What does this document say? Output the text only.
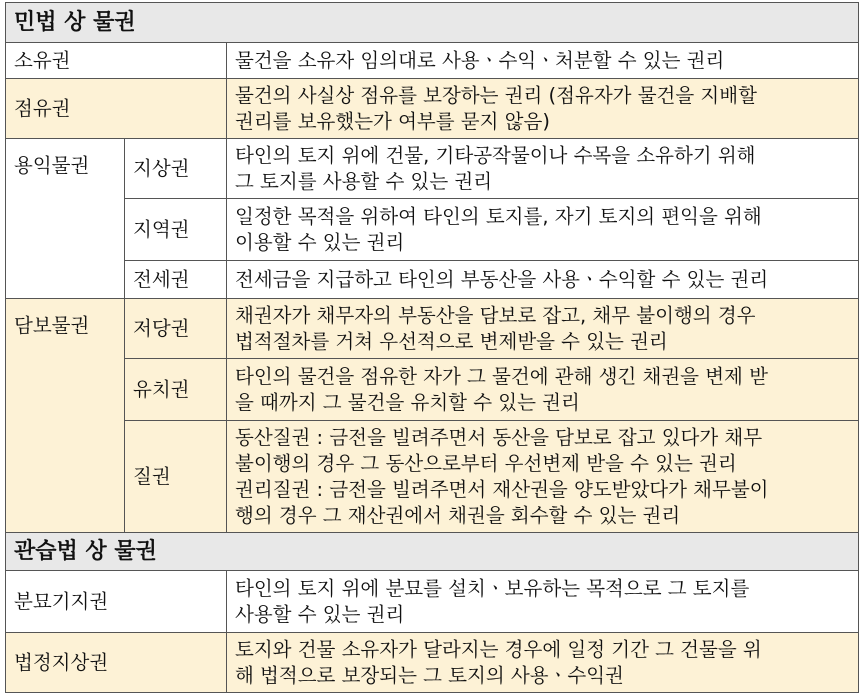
민법 상 물권		
소유권		물건을 소유자 임의대로 사용ㆍ수익ㆍ처분할 수 있는 권리

점유권		물건의 사실상 점유를 보장하는 권리 (점유자가 물건을 지배할
권리를 보유했는가 여부를 묻지 않음)

용익물권	지상권	타인의 토지 위에 건물, 기타공작물이나 수목을 소유하기 위해
그 토지를 사용할 수 있는 권리

	지역권	일정한 목적을 위하여 타인의 토지를, 자기 토지의 편익을 위해
이용할 수 있는 권리

	전세권	전세금을 지급하고 타인의 부동산을 사용ㆍ수익할 수 있는 권리

담보물권	저당권	채권자가 채무자의 부동산을 담보로 잡고, 채무 불이행의 경우
법적절차를 거쳐 우선적으로 변제받을 수 있는 권리

	유치권	타인의 물건을 점유한 자가 그 물건에 관해 생긴 채권을 변제 받
을 때까지 그 물건을 유치할 수 있는 권리

	질권	동산질권 : 금전을 빌려주면서 동산을 담보로 잡고 있다가 채무
불이행의 경우 그 동산으로부터 우선변제 받을 수 있는 권리
권리질권 : 금전을 빌려주면서 재산권을 양도받았다가 채무불이
행의 경우 그 재산권에서 채권을 회수할 수 있는 권리

관습법 상 물권		
분묘기지권		타인의 토지 위에 분묘를 설치ㆍ보유하는 목적으로 그 토지를
사용할 수 있는 권리

법정지상권		토지와 건물 소유자가 달라지는 경우에 일정 기간 그 건물을 위
해 법적으로 보장되는 그 토지의 사용ㆍ수익권
